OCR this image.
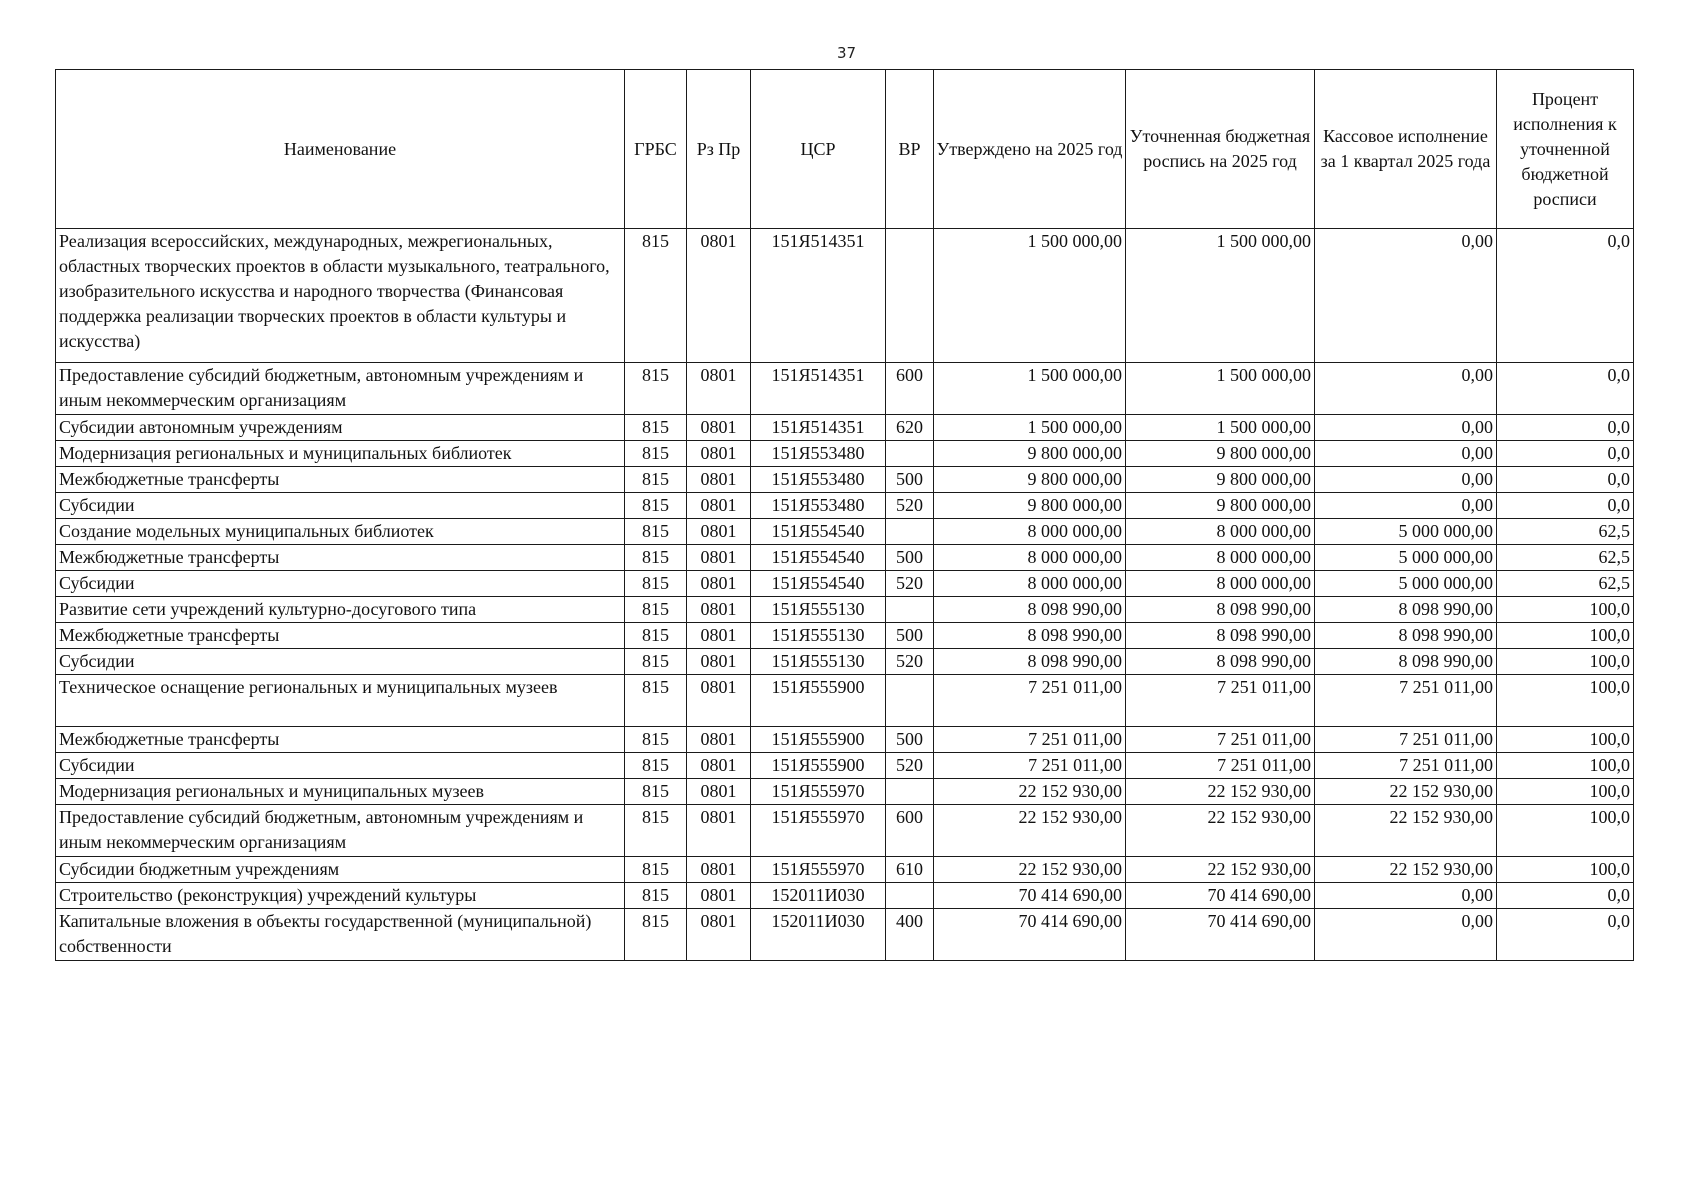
37
Наименование	ГРБС	Рз Пр	ЦСР	ВР	Утверждено на 2025 год	Уточненная бюджетная роспись на 2025 год	Кассовое исполнение за 1 квартал 2025 года	Процент исполнения к уточненной бюджетной росписи
Реализация всероссийских, международных, межрегиональных, областных творческих проектов в области музыкального, театрального, изобразительного искусства и народного творчества (Финансовая поддержка реализации творческих проектов в области культуры и искусства)	815	0801	151Я514351		1 500 000,00	1 500 000,00	0,00	0,0
Предоставление субсидий бюджетным, автономным учреждениям и иным некоммерческим организациям	815	0801	151Я514351	600	1 500 000,00	1 500 000,00	0,00	0,0
Субсидии автономным учреждениям	815	0801	151Я514351	620	1 500 000,00	1 500 000,00	0,00	0,0
Модернизация региональных и муниципальных библиотек	815	0801	151Я553480		9 800 000,00	9 800 000,00	0,00	0,0
Межбюджетные трансферты	815	0801	151Я553480	500	9 800 000,00	9 800 000,00	0,00	0,0
Субсидии	815	0801	151Я553480	520	9 800 000,00	9 800 000,00	0,00	0,0
Создание модельных муниципальных библиотек	815	0801	151Я554540		8 000 000,00	8 000 000,00	5 000 000,00	62,5
Межбюджетные трансферты	815	0801	151Я554540	500	8 000 000,00	8 000 000,00	5 000 000,00	62,5
Субсидии	815	0801	151Я554540	520	8 000 000,00	8 000 000,00	5 000 000,00	62,5
Развитие сети учреждений культурно-досугового типа	815	0801	151Я555130		8 098 990,00	8 098 990,00	8 098 990,00	100,0
Межбюджетные трансферты	815	0801	151Я555130	500	8 098 990,00	8 098 990,00	8 098 990,00	100,0
Субсидии	815	0801	151Я555130	520	8 098 990,00	8 098 990,00	8 098 990,00	100,0
Техническое оснащение региональных и муниципальных музеев	815	0801	151Я555900		7 251 011,00	7 251 011,00	7 251 011,00	100,0
Межбюджетные трансферты	815	0801	151Я555900	500	7 251 011,00	7 251 011,00	7 251 011,00	100,0
Субсидии	815	0801	151Я555900	520	7 251 011,00	7 251 011,00	7 251 011,00	100,0
Модернизация региональных и муниципальных музеев	815	0801	151Я555970		22 152 930,00	22 152 930,00	22 152 930,00	100,0
Предоставление субсидий бюджетным, автономным учреждениям и иным некоммерческим организациям	815	0801	151Я555970	600	22 152 930,00	22 152 930,00	22 152 930,00	100,0
Субсидии бюджетным учреждениям	815	0801	151Я555970	610	22 152 930,00	22 152 930,00	22 152 930,00	100,0
Строительство (реконструкция) учреждений культуры	815	0801	152011И030		70 414 690,00	70 414 690,00	0,00	0,0
Капитальные вложения в объекты государственной (муниципальной) собственности	815	0801	152011И030	400	70 414 690,00	70 414 690,00	0,00	0,0
